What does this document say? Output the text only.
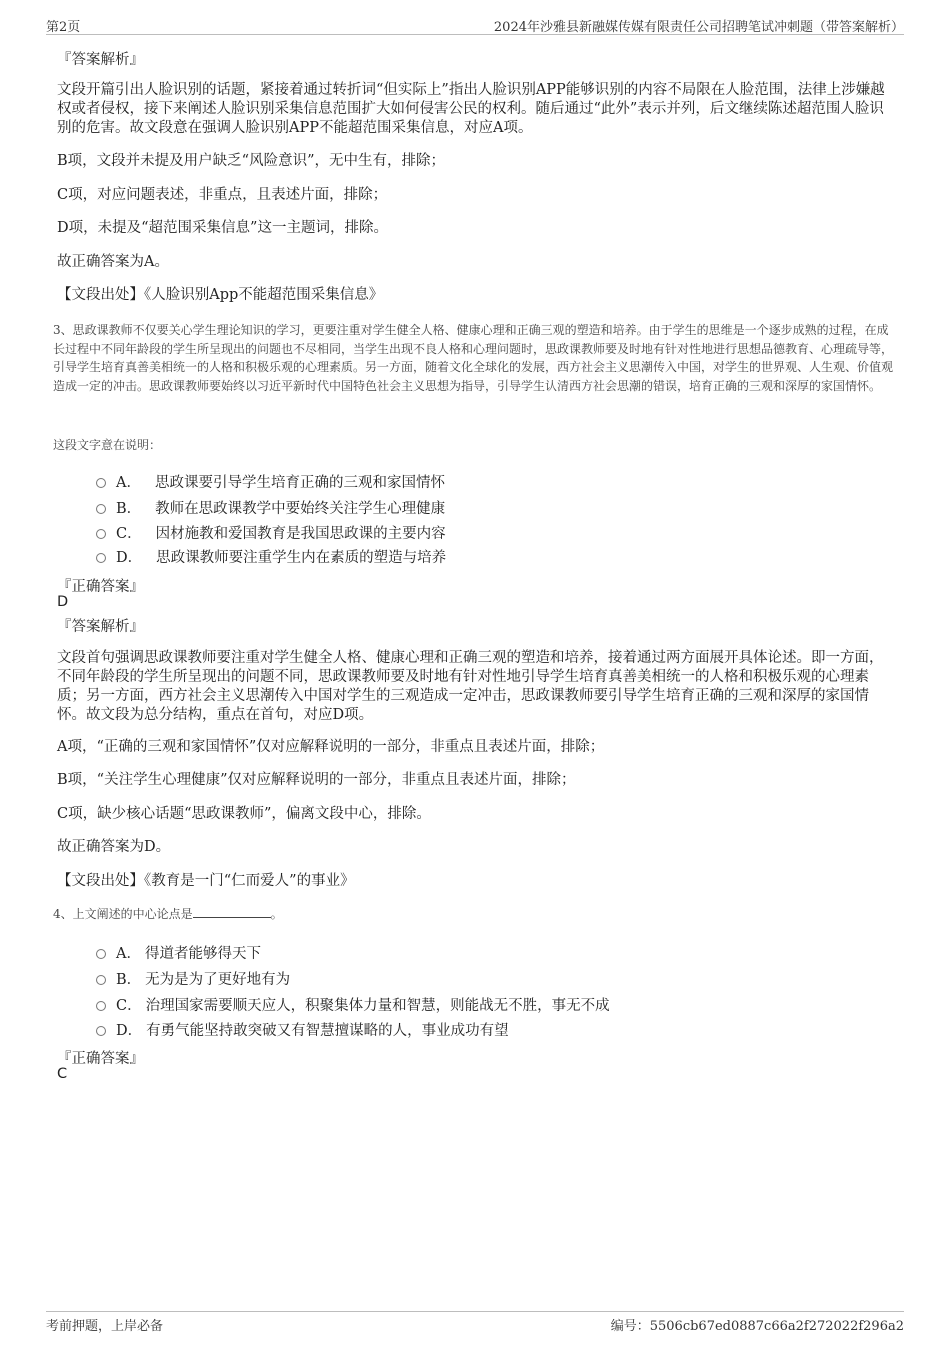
第2页	2024年沙雅县新融媒传媒有限责任公司招聘笔试冲刺题（带答案解析）
『答案解析』
文段开篇引出人脸识别的话题，紧接着通过转折词“但实际上”指出人脸识别APP能够识别的内容不局限在人脸范围，法律上涉嫌越权或者侵权，接下来阐述人脸识别采集信息范围扩大如何侵害公民的权利。随后通过“此外”表示并列，后文继续陈述超范围人脸识别的危害。故文段意在强调人脸识别APP不能超范围采集信息，对应A项。
B项，文段并未提及用户缺乏“风险意识”，无中生有，排除；
C项，对应问题表述，非重点，且表述片面，排除；
D项，未提及“超范围采集信息”这一主题词，排除。
故正确答案为A。
【文段出处】《人脸识别App不能超范围采集信息》
3、思政课教师不仅要关心学生理论知识的学习，更要注重对学生健全人格、健康心理和正确三观的塑造和培养。由于学生的思维是一个逐步成熟的过程，在成长过程中不同年龄段的学生所呈现出的问题也不尽相同，当学生出现不良人格和心理问题时，思政课教师要及时地有针对性地进行思想品德教育、心理疏导等，引导学生培育真善美相统一的人格和积极乐观的心理素质。另一方面，随着文化全球化的发展，西方社会主义思潮传入中国，对学生的世界观、人生观、价值观造成一定的冲击。思政课教师要始终以习近平新时代中国特色社会主义思想为指导，引导学生认清西方社会思潮的错误，培育正确的三观和深厚的家国情怀。
这段文字意在说明：
A． 思政课要引导学生培育正确的三观和家国情怀
B． 教师在思政课教学中要始终关注学生心理健康
C． 因材施教和爱国教育是我国思政课的主要内容
D． 思政课教师要注重学生内在素质的塑造与培养
『正确答案』
D
『答案解析』
文段首句强调思政课教师要注重对学生健全人格、健康心理和正确三观的塑造和培养，接着通过两方面展开具体论述。即一方面，不同年龄段的学生所呈现出的问题不同，思政课教师要及时地有针对性地引导学生培育真善美相统一的人格和积极乐观的心理素质；另一方面，西方社会主义思潮传入中国对学生的三观造成一定冲击，思政课教师要引导学生培育正确的三观和深厚的家国情怀。故文段为总分结构，重点在首句，对应D项。
A项，“正确的三观和家国情怀”仅对应解释说明的一部分，非重点且表述片面，排除；
B项，“关注学生心理健康”仅对应解释说明的一部分，非重点且表述片面，排除；
C项，缺少核心话题“思政课教师”，偏离文段中心，排除。
故正确答案为D。
【文段出处】《教育是一门“仁而爱人”的事业》
4、上文阐述的中心论点是	。
A． 得道者能够得天下
B． 无为是为了更好地有为
C． 治理国家需要顺天应人，积聚集体力量和智慧，则能战无不胜，事无不成
D． 有勇气能坚持敢突破又有智慧擅谋略的人，事业成功有望
『正确答案』
C
考前押题，上岸必备	编号：5506cb67ed0887c66a2f272022f296a2
